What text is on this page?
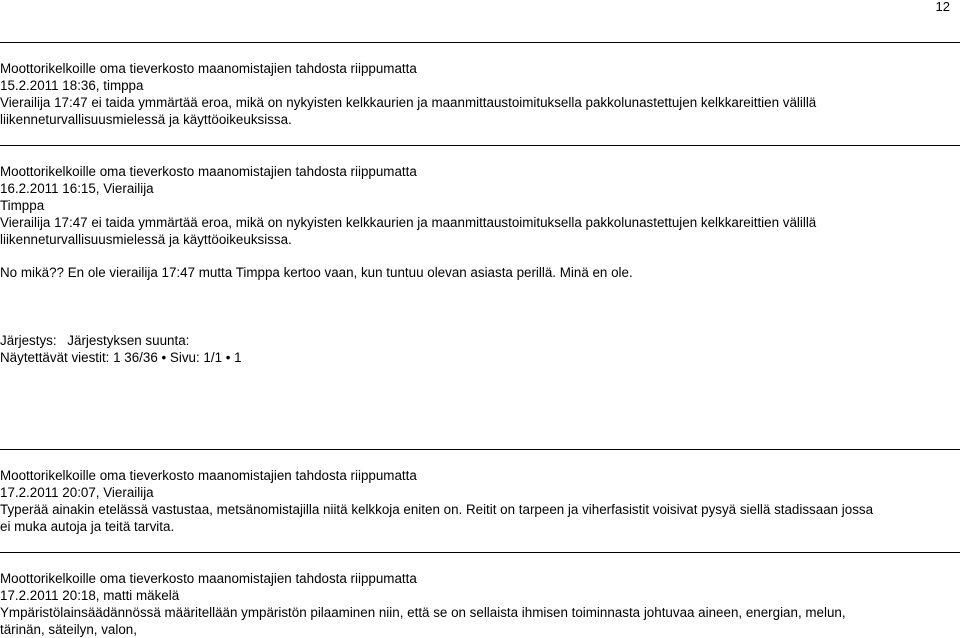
12
Moottorikelkoille oma tieverkosto maanomistajien tahdosta riippumatta
15.2.2011 18:36, timppa
Vierailija 17:47 ei taida ymmärtää eroa, mikä on nykyisten kelkkaurien ja maanmittaustoimituksella pakkolunastettujen kelkkareittien välillä
liikenneturvallisuusmielessä ja käyttöoikeuksissa.
Moottorikelkoille oma tieverkosto maanomistajien tahdosta riippumatta
16.2.2011 16:15, Vierailija
Timppa
Vierailija 17:47 ei taida ymmärtää eroa, mikä on nykyisten kelkkaurien ja maanmittaustoimituksella pakkolunastettujen kelkkareittien välillä
liikenneturvallisuusmielessä ja käyttöoikeuksissa.
No mikä?? En ole vierailija 17:47 mutta Timppa kertoo vaan, kun tuntuu olevan asiasta perillä. Minä en ole.
Järjestys: Järjestyksen suunta:
Näytettävät viestit: 1 36/36 • Sivu: 1/1 • 1
Moottorikelkoille oma tieverkosto maanomistajien tahdosta riippumatta
17.2.2011 20:07, Vierailija
Typerää ainakin etelässä vastustaa, metsänomistajilla niitä kelkkoja eniten on. Reitit on tarpeen ja viherfasistit voisivat pysyä siellä stadissaan jossa
ei muka autoja ja teitä tarvita.
Moottorikelkoille oma tieverkosto maanomistajien tahdosta riippumatta
17.2.2011 20:18, matti mäkelä
Ympäristölainsäädännössä määritellään ympäristön pilaaminen niin, että se on sellaista ihmisen toiminnasta johtuvaa aineen, energian, melun,
tärinän, säteilyn, valon,
